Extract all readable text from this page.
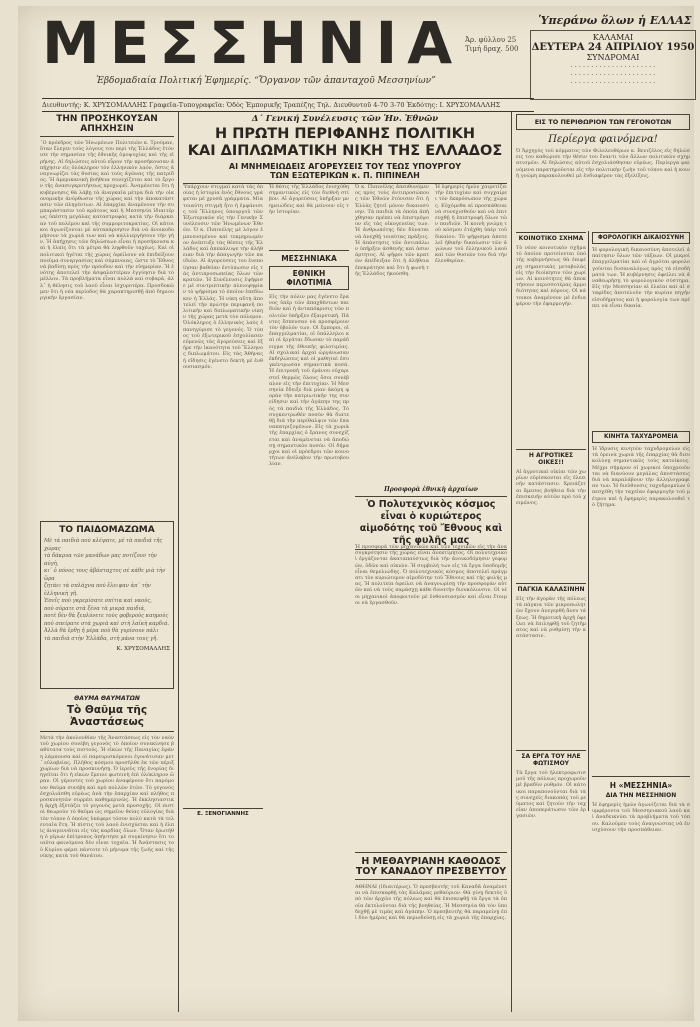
ΜΕΣΣΗΝΙΑ
Ἑβδομαδιαία Πολιτική Ἐφημερίς. “Ὄργανον τῶν ἀπανταχοῦ Μεσσηνίων”
Ἀρ. φύλλου 25 Τιμή δραχ. 500
Ὑπεράνω ὅλων ἡ ΕΛΛΑΣ
ΚΑΛΑΜΑΙ
ΔΕΥΤΕΡΑ 24 ΑΠΡΙΛΙΟΥ 1950
ΣΥΝΔΡΟΜΑΙ
· · · · · · · · · · · · · · · · · · · · ·
· · · · · · · · · · · · · · · · · · · · ·
· · · · · · · · · · · · · · · · · · · · ·
Διευθυντής: Κ. ΧΡΥΣΟΜΑΛΛΗΣ Γραφεῖα-Τυπογραφεῖα: Ὁδὸς Ἐμπορικῆς Τραπέζης Τηλ. Διευθυντοῦ 4-70 3-70 Ἐκδότης: Ι. ΧΡΥΣΟΜΑΛΛΗΣ
ΤΗΝ ΠΡΟΣΗΚΟΥΣΑΝ ΑΠΗΧΗΣΙΝ
᾿Ο πρόεδρος τῶν Ἡνωμένων Πολιτειῶν κ. Τρούμαν, ὅταν ἔλεγεν τοὺς λόγους του περὶ τῆς Ἑλλάδος ἐτόνισε τὴν σημασίαν τῆς ἐθνικῆς ὁμοψυχίας καὶ τῆς εἰρήνης. Αἱ δηλώσεις αὐτοῦ εὗρον τὴν προσήκουσαν ἀπήχησιν εἰς ὁλόκληρον τὸν ἑλληνικὸν λαόν, ὅστις ἀναγνωρίζει τὰς θυσίας καὶ τοὺς ἀγῶνας τῆς πατρίδος. Ἡ ἀμερικανικὴ βοήθεια συνεχίζεται καὶ τὸ ἔργον τῆς ἀνασυγκροτήσεως προχωρεῖ. Ἀναμένεται ὅτι ἡ κυβέρνησις θὰ λάβῃ τὰ ἀναγκαῖα μέτρα διὰ τὴν οἰκονομικὴν ἀνόρθωσιν τῆς χώρας καὶ τὴν ἀποκατάστασιν τῶν πληγέντων. Αἱ ἐπαρχίαι ἀναμένουν τὴν συμπαράστασιν τοῦ κράτους καὶ ἡ Μεσσηνία ἰδιαιτέρως ὑπέστη μεγάλας καταστροφὰς κατὰ τὴν διάρκειαν τοῦ πολέμου καὶ τῆς συμμοριτοκρατίας. Οἱ κάτοικοι ἀγωνίζονται μὲ αὐταπάρνησιν διὰ νὰ ἀνοικοδομήσουν τὰ χωριά των καὶ νὰ καλλιεργήσουν τὴν γῆν. Ἡ ἀπήχησις τῶν δηλώσεων εἶναι ἡ προσήκουσα καὶ ἡ ἐλπὶς ὅτι τὰ μέτρα θὰ ληφθοῦν ταχέως. Καὶ οἱ πολιτικοὶ ἡγέται τῆς χώρας ὀφείλουν νὰ ἐπιδείξουν πνεῦμα συνεργασίας καὶ σύμπνοιας, ὥστε τὸ Ἔθνος νὰ βαδίσῃ πρὸς τὴν πρόοδον καὶ τὴν εὐημερίαν. Ἡ ἑνότης ἀποτελεῖ τὴν ἀσφαλεστέραν ἐγγύησιν διὰ τὸ μέλλον. Τὰ προβλήματα εἶναι πολλὰ καὶ σοβαρά, ἀλλ᾿ ἡ θέλησις τοῦ λαοῦ εἶναι ἰσχυροτέρα. Προσδοκῶμεν ὅτι ἡ νέα περίοδος θὰ χαρακτηρισθῇ ἀπὸ δημιουργικὴν ἐργασίαν.
ΤΟ ΠΑΙΔΟΜΑΖΩΜΑ
Μὲ τὰ παιδιὰ ποὺ κλέψατε, μὲ τὰ παιδιὰ τῆς χώρας
τὰ δάκρυα τῶν μανάδων μας ποτίζουν τὴν αὐγὴ,
κι᾿ ὁ πόνος τους ἀβάσταχτος σὲ κάθε μιὰ τὴν ὥρα
ζητάει τὰ σπλάχνα ποὺ ἔλειψαν ἀπ᾿ τὴν ἑλληνικὴ γῆ.
Ἐσεῖς ποὺ γκρεμίσατε σπίτια καὶ ναούς,
ποὺ σύρατε στὰ ξένα τὰ μικρὰ παιδιά,
ποτὲ δὲν θὰ ξεπλύνετε τοὺς φοβεροὺς καημούς
ποὺ σπείρατε στὰ χωριὰ καὶ στὴ λαϊκὴ καρδιά.
Ἀλλὰ θὰ ἔρθῃ ἡ μέρα ποὺ θὰ γυρίσουν πάλι
τὰ παιδιὰ στὴν Ἑλλάδα, στὴ μάνα τους γῆ.
Κ. ΧΡΥΣΟΜΑΛΛΗΣ
ΘΑΥΜΑ ΘΑΥΜΑΤΩΝ
Τὸ Θαῦμα τῆς Ἀναστάσεως
Μετὰ τὴν ἀκολουθίαν τῆς Ἀναστάσεως εἰς τὸν ναὸν τοῦ χωρίου συνέβη γεγονὸς τὸ ὁποῖον συνεκίνησε βαθύτατα τοὺς πιστούς. Ἡ εἰκὼν τῆς Παναγίας ἐφάνη λάμπουσα καὶ οἱ παρευρισκόμενοι ἐγονάτισαν μετ᾿ εὐλαβείας. Πλῆθος κόσμου προσῆλθε ἐκ τῶν πέριξ χωρίων διὰ νὰ προσκυνήσῃ. Ὁ ἱερεὺς τῆς ἐνορίας διηγεῖται ὅτι ἡ εἰκὼν ἔμεινε φωτεινὴ ἐπὶ ὁλόκληρον ὥραν. Οἱ γέροντες τοῦ χωρίου ἀναφέρουν ὅτι παρόμοιον θαῦμα συνέβη καὶ πρὸ πολλῶν ἐτῶν. Τὸ γεγονὸς ἐσχολιάσθη εὐρέως ἀνὰ τὴν ἐπαρχίαν καὶ πλῆθος προσκυνητῶν συρρέει καθημερινῶς. Ἡ ἐκκλησιαστικὴ ἀρχὴ ἐξετάζει τὸ γεγονὸς μετὰ προσοχῆς. Οἱ πιστοὶ θεωροῦν τὸ θαῦμα ὡς σημεῖον θείας εὐλογίας διὰ τὸν τόπον ὁ ὁποῖος ὑπέφερε τόσον πολὺ κατὰ τὰ τελευταῖα ἔτη. Ἡ πίστις τοῦ λαοῦ ἐνισχύεται καὶ ἡ ἐλπὶς ἀναγεννᾶται εἰς τὰς καρδίας ὅλων. Ὅταν ἐρωτήθη ὁ γέρων ἐπίτροπος ἀπήντησε μὲ συγκίνησιν ὅτι τοιαῦτα φαινόμενα δὲν εἶναι τυχαῖα. Ἡ Ἀνάστασις τοῦ Κυρίου φέρει πάντοτε τὸ μήνυμα τῆς ζωῆς καὶ τῆς νίκης κατὰ τοῦ θανάτου.
Δ΄ Γενική Συνέλευσις τῶν Ἡν. Ἐθνῶν
Η ΠΡΩΤΗ ΠΕΡΙΦΑΝΗΣ ΠΟΛΙΤΙΚΗ
ΚΑΙ ΔΙΠΛΩΜΑΤΙΚΗ ΝΙΚΗ ΤΗΣ ΕΛΛΑΔΟΣ
ΑΙ ΜΝΗΜΕΙΩΔΕΙΣ ΑΓΟΡΕΥΣΕΙΣ ΤΟΥ ΤΕΩΣ ΥΠΟΥΡΓΟΥ
ΤΩΝ ΕΞΩΤΕΡΙΚΩΝ κ. Π. ΠΙΠΙΝΕΛΗ
Ὑπάρχουν στιγμαὶ κατὰ τὰς ὁποίας ἡ ἱστορία ἑνὸς ἔθνους γράφεται μὲ χρυσᾶ γράμματα. Μία τοιαύτη στιγμὴ ἦτο ἡ ἐμφάνισις τοῦ Ἕλληνος ὑπουργοῦ τῶν Ἐξωτερικῶν εἰς τὴν Γενικὴν Συνέλευσιν τῶν Ἡνωμένων Ἐθνῶν. Ὁ κ. Πιπινέλης μὲ λόγον ἐμπνευσμένον καὶ τεκμηριωμένον ἀνέπτυξε τὰς θέσεις τῆς Ἑλλάδος καὶ ἀπεκάλυψε τὴν ἀλήθειαν διὰ τὴν ἀπαγωγὴν τῶν παιδιῶν. Αἱ ἀγορεύσεις του ἐνεποίησαν βαθεῖαν ἐντύπωσιν εἰς τὰς ἀντιπροσωπείας ὅλων τῶν κρατῶν. Ἡ Συνέλευσις ἐψήφισε μὲ συντριπτικὴν πλειοψηφίαν τὸ ψήφισμα τὸ ὁποῖον ἐπεδίωκεν ἡ Ἑλλάς. Ἡ νίκη αὕτη ἀποτελεῖ τὴν πρώτην περιφανῆ πολιτικὴν καὶ διπλωματικὴν νίκην τῆς χώρας μετὰ τὸν πόλεμον. Ὁλόκληρος ὁ ἑλληνικὸς λαὸς ἐπανηγύρισε τὸ γεγονός. Ὁ τύπος τοῦ ἐξωτερικοῦ ἐσχολίασεν εὐμενῶς τὰς ἀγορεύσεις καὶ ἐξῆρε τὴν ἱκανότητα τοῦ Ἕλληνος διπλωμάτου. Εἰς τὰς Ἀθήνας ἡ εἴδησις ἐγένετο δεκτὴ μὲ ἐνθουσιασμόν.
Ε. ΞΕΝΟΓΙΑΝΝΗΣ
Ἡ θέσις τῆς Ἑλλάδος ἐνισχύθη σημαντικῶς εἰς τὸν διεθνῆ στίβον. Αἱ ἀγορεύσεις ὑπῆρξαν μνημειώδεις καὶ θὰ μείνουν εἰς τὴν ἱστορίαν.
ΜΕΣΣΗΝΙΑΚΑ
ΕΘΝΙΚΗ ΦΙΛΟΤΙΜΙΑ
Εἰς τὴν πόλιν μας ἐγένετο ἔρανος ὑπὲρ τῶν ἀπαχθέντων παιδιῶν καὶ ἡ ἀνταπόκρισις τῶν πολιτῶν ὑπῆρξεν ἐξαιρετική. Πάντες ἔσπευσαν νὰ προσφέρουν τὸν ὀβολόν των. Οἱ ἔμποροι, οἱ ἐπαγγελματίαι, οἱ ὑπάλληλοι καὶ οἱ ἐργάται ἔδωσαν τὸ παράδειγμα τῆς ἐθνικῆς φιλοτιμίας. Αἱ σχολικαὶ ἀρχαὶ ὠργάνωσαν ἐκδηλώσεις καὶ οἱ μαθηταὶ ἐσυγκέντρωσαν σημαντικὰ ποσά. Ἡ ἐπιτροπὴ τοῦ ἐράνου εὐχαριστεῖ θερμῶς ὅλους ὅσοι συνέβαλον εἰς τὴν ἐπιτυχίαν. Ἡ Μεσσηνία ἔδειξε διὰ μίαν ἀκόμη φορὰν τὴν πατριωτικήν της συνείδησιν καὶ τὴν ἀγάπην της πρὸς τὰ παιδιὰ τῆς Ἑλλάδος. Τὸ συγκεντρωθὲν ποσὸν θὰ διατεθῇ διὰ τὴν περίθαλψιν τῶν ἐπαναπατριζομένων. Εἰς τὰ χωριὰ τῆς ἐπαρχίας ὁ ἔρανος συνεχίζεται καὶ ἀναμένεται νὰ ἀποδώσῃ σημαντικὸν ποσόν. Οἱ δήμαρχοι καὶ οἱ πρόεδροι τῶν κοινοτήτων ἀνέλαβον τὴν πρωτοβουλίαν.
Ὁ κ. Πιπινέλης ἀπευθυνόμενος πρὸς τοὺς ἀντιπροσώπους τῶν Ἐθνῶν ἐτόνισεν ὅτι ἡ Ἑλλὰς ζητεῖ μόνον δικαιοσύνην. Τὰ παιδιὰ τὰ ὁποῖα ἀπήχθησαν πρέπει νὰ ἐπιστρέψουν εἰς τὰς οἰκογενείας των. Ἡ ἀνθρωπότης δὲν δύναται νὰ ἀνεχθῇ τοιαύτας πράξεις. Ἡ ἀπάντησις τῶν ἀντιπάλων ὑπῆρξεν ἀσθενὴς καὶ ἀσυνάρτητος. Αἱ ψῆφοι τῶν κρατῶν ἀπέδειξαν ὅτι ἡ ἀλήθεια ἐπεκράτησε καὶ ὅτι ἡ φωνὴ τῆς Ἑλλάδος ἠκούσθη.
Ἡ ἐφημερὶς ἡμῶν χαιρετίζει τὴν ἐπιτυχίαν καὶ συγχαίρει τὸν ἐκπρόσωπον τῆς χώρας. Εὐχόμεθα αἱ προσπάθειαι νὰ συνεχισθοῦν καὶ νὰ ἐπιτευχθῇ ἡ ἐπιστροφὴ ὅλων τῶν παιδιῶν. Ἡ κοινὴ γνώμη τοῦ κόσμου ἐτάχθη ὑπὲρ τοῦ δικαίου. Τὸ ψήφισμα ἀποτελεῖ ἠθικὴν δικαίωσιν τῶν ἀγώνων τοῦ ἑλληνικοῦ λαοῦ καὶ τῶν θυσιῶν του διὰ τὴν ἐλευθερίαν.
Προσφορὰ ἐθνικὴ ἀρχαίων
Ὁ Πολυτεχνικὸς κόσμος εἶναι ὁ κυριώτερος αἱμοδότης τοῦ Ἔθνους καὶ τῆς φυλῆς μας
Ἡ προσφορὰ τῶν μηχανικῶν καὶ τῶν τεχνικῶν εἰς τὴν ἀνασυγκρότησιν τῆς χώρας εἶναι ἀνεκτίμητος. Οἱ πολυτεχνικοὶ ἐργάζονται ἀκαταπαύστως διὰ τὴν ἀνοικοδόμησιν γεφυρῶν, ὁδῶν καὶ οἰκιῶν. Ἡ συμβολή των εἰς τὰ ἔργα ὑποδομῆς εἶναι θεμελιώδης. Ὁ πολυτεχνικὸς κόσμος ἀποτελεῖ πράγματι τὸν κυριώτερον αἱμοδότην τοῦ Ἔθνους καὶ τῆς φυλῆς μας. Ἡ πολιτεία ὀφείλει νὰ ἀναγνωρίσῃ τὴν προσφορὰν αὐτῶν καὶ νὰ τοὺς παράσχῃ κάθε δυνατὴν διευκόλυνσιν. Οἱ νέοι μηχανικοὶ ἀποφοιτοῦν μὲ ἐνθουσιασμὸν καὶ εἶναι ἕτοιμοι νὰ ἐργασθοῦν.
Η ΜΕΘΑΥΡΙΑΝΗ ΚΑΘΟΔΟΣ
ΤΟΥ ΚΑΝΑΔΟΥ ΠΡΕΣΒΕΥΤΟΥ
ΑΘΗΝΑΙ (ἰδιαιτέρως). Ὁ πρεσβευτὴς τοῦ Καναδᾶ ἀναμένεται νὰ ἐπισκεφθῇ τὰς Καλάμας μεθαύριον. Θὰ γίνῃ δεκτὸς ὑπὸ τῶν ἀρχῶν τῆς πόλεως καὶ θὰ ἐπισκεφθῇ τὰ ἔργα τὰ ὁποῖα ἐκτελοῦνται διὰ τῆς βοηθείας. Ἡ Μεσσηνία θὰ τὸν ὑποδεχθῇ μὲ τιμὰς καὶ ἀγάπην. Ὁ πρεσβευτὴς θὰ παραμείνῃ ἐπὶ δύο ἡμέρας καὶ θὰ περιοδεύσῃ εἰς τὰ χωριὰ τῆς ἐπαρχίας.
ΕΙΣ ΤΟ ΠΕΡΙΘΩΡΙΟΝ ΤΩΝ ΓΕΓΟΝΟΤΩΝ
Περίεργα φαινόμενα!
Ὁ Ἀρχηγὸς τοῦ κόμματος τῶν Φιλελευθέρων κ. Βενιζέλος εἰς δηλώσεις του καθώρισε τὴν θέσιν του ἔναντι τῶν ἄλλων πολιτικῶν σχηματισμῶν. Αἱ δηλώσεις αὐτοῦ ἐσχολιάσθησαν εὐρέως. Περίεργα φαινόμενα παρατηροῦνται εἰς τὴν πολιτικὴν ζωὴν τοῦ τόπου καὶ ἡ κοινὴ γνώμη παρακολουθεῖ μὲ ἐνδιαφέρον τὰς ἐξελίξεις.
ΚΟΙΝΟΤΙΚΟ ΣΧΗΜΑ
Τὸ νέον κοινοτικὸν σχῆμα τὸ ὁποῖον προτείνεται ὑπὸ τῆς κυβερνήσεως θὰ ἐπιφέρῃ σημαντικὰς μεταβολὰς εἰς τὴν διοίκησιν τῶν χωρίων. Αἱ κοινότητες θὰ ἀποκτήσουν περισσοτέρας ἁρμοδιότητας καὶ πόρους. Οἱ κάτοικοι ἀναμένουν μὲ ἐνδιαφέρον τὴν ἐφαρμογήν.
Η ΑΓΡΟΤΙΚΕΣ ΟΙΚΕΣ!!
Αἱ ἀγροτικαὶ οἰκίαι τῶν χωρίων εὑρίσκονται εἰς ἐλεεινὴν κατάστασιν. Χρειάζεται ἄμεσος βοήθεια διὰ τὴν ἐπισκευὴν αὐτῶν πρὸ τοῦ χειμῶνος.
ΠΑΓΚΙΑ ΚΑΛΑΣΙΝΗΝ
Εἰς τὴν ἀγορὰν τῆς πόλεως τὰ πάγκια τῶν μικροπωλητῶν ἔχουν ἀνεγερθῆ ἄνευ τάξεως. Ἡ δημοτικὴ ἀρχὴ ὀφείλει νὰ ἐπιληφθῇ τοῦ ζητήματος καὶ νὰ ρυθμίσῃ τὴν κατάστασιν.
ΣΑ ΕΡΓΑ ΤΟΥ ΗΛΕ ΦΩΤΙΣΜΟΥ
Τὰ ἔργα τοῦ ἠλεκτροφωτισμοῦ τῆς πόλεως προχωροῦν μὲ βραδὺν ρυθμόν. Οἱ κάτοικοι παραπονοῦνται διὰ τὰς συνεχεῖς διακοπὰς τοῦ ρεύματος καὶ ζητοῦν τὴν ταχεῖαν ἀποπεράτωσιν τῶν ἐργασιῶν.
ΦΟΡΟΛΟΓΙΚΗ ΔΙΚΑΙΟΣΥΝΗ
Ἡ φορολογικὴ δικαιοσύνη ἀποτελεῖ ἀπαίτησιν ὅλων τῶν τάξεων. Οἱ μικροὶ ἐπαγγελματίαι καὶ οἱ ἀγρόται φορολογοῦνται δυσαναλόγως πρὸς τὰ εἰσοδήματά των. Ἡ κυβέρνησις ὀφείλει νὰ ἀναθεωρήσῃ τὸ φορολογικὸν σύστημα. Εἰς τὴν Μεσσηνίαν αἱ ἐλαῖαι καὶ αἱ σταφίδες ἀποτελοῦν τὴν κυρίαν πηγὴν εἰσοδήματος καὶ ἡ φορολογία των πρέπει νὰ εἶναι δικαία.
ΚΙΝΗΤΑ ΤΑΧΥΔΡΟΜΕΙΑ
Ἡ ἵδρυσις κινητῶν ταχυδρομείων εἰς τὰ ὀρεινὰ χωριὰ τῆς ἐπαρχίας θὰ διευκολύνῃ σημαντικῶς τοὺς κατοίκους. Μέχρι σήμερον οἱ χωρικοὶ ὑποχρεοῦνται νὰ διανύουν μεγάλας ἀποστάσεις διὰ νὰ παραλάβουν τὴν ἀλληλογραφίαν των. Ἡ διεύθυνσις ταχυδρομείων ὑπεσχέθη τὴν ταχεῖαν ἐφαρμογὴν τοῦ μέτρου καὶ ἡ ἐφημερὶς παρακολουθεῖ τὸ ζήτημα.
Η «ΜΕΣΣΗΝΙΑ»
ΔΙΑ ΤΗΝ ΜΕΣΣΗΝΙΟΝ
Ἡ ἐφημερὶς ἡμῶν ἀγωνίζεται διὰ τὰ συμφέροντα τοῦ Μεσσηνιακοῦ λαοῦ καὶ ἀναδεικνύει τὰ προβλήματα τοῦ τόπου. Καλοῦμεν τοὺς ἀναγνώστας νὰ ἐνισχύσουν τὴν προσπάθειαν.
